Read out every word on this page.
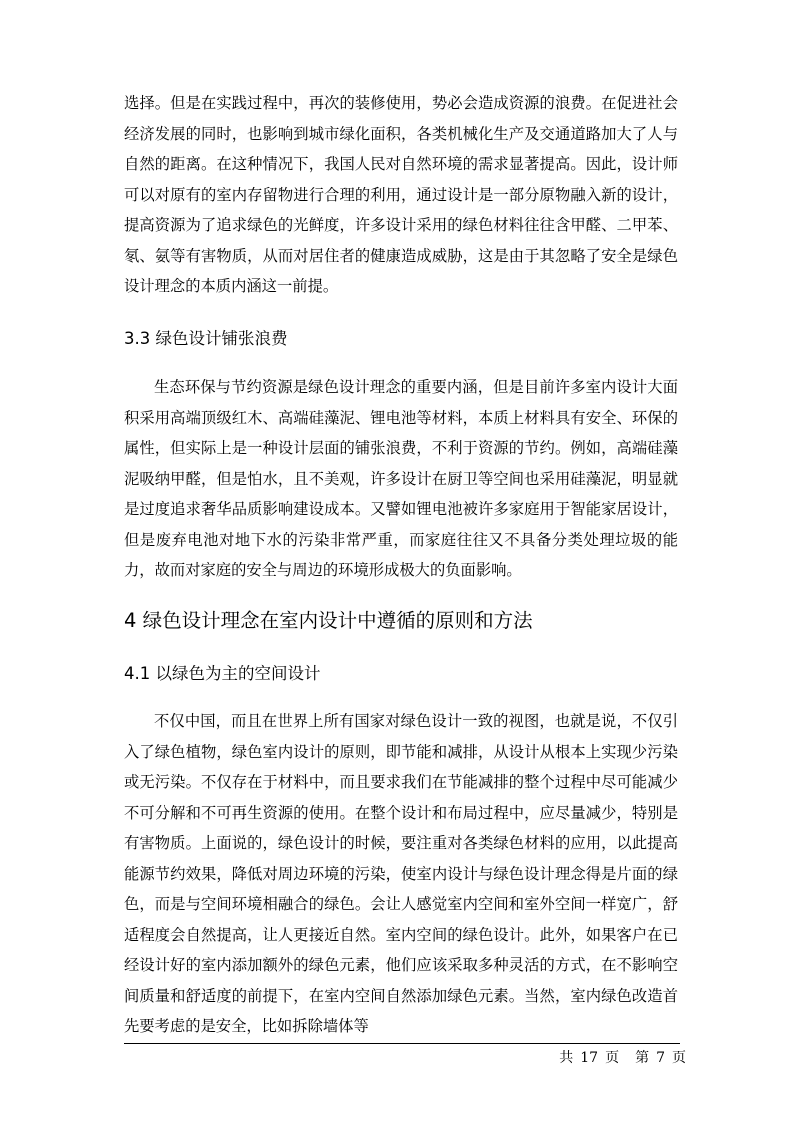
选择。但是在实践过程中，再次的装修使用，势必会造成资源的浪费。在促进社会经济发展的同时，也影响到城市绿化面积，各类机械化生产及交通道路加大了人与自然的距离。在这种情况下，我国人民对自然环境的需求显著提高。因此，设计师可以对原有的室内存留物进行合理的利用，通过设计是一部分原物融入新的设计，提高资源为了追求绿色的光鲜度，许多设计采用的绿色材料往往含甲醛、二甲苯、氡、氨等有害物质，从而对居住者的健康造成威胁，这是由于其忽略了安全是绿色设计理念的本质内涵这一前提。

3.3 绿色设计铺张浪费

生态环保与节约资源是绿色设计理念的重要内涵，但是目前许多室内设计大面积采用高端顶级红木、高端硅藻泥、锂电池等材料，本质上材料具有安全、环保的属性，但实际上是一种设计层面的铺张浪费，不利于资源的节约。例如，高端硅藻泥吸纳甲醛，但是怕水，且不美观，许多设计在厨卫等空间也采用硅藻泥，明显就是过度追求奢华品质影响建设成本。又譬如锂电池被许多家庭用于智能家居设计，但是废弃电池对地下水的污染非常严重，而家庭往往又不具备分类处理垃圾的能力，故而对家庭的安全与周边的环境形成极大的负面影响。

4 绿色设计理念在室内设计中遵循的原则和方法
4.1 以绿色为主的空间设计

不仅中国，而且在世界上所有国家对绿色设计一致的视图，也就是说，不仅引入了绿色植物，绿色室内设计的原则，即节能和减排，从设计从根本上实现少污染或无污染。不仅存在于材料中，而且要求我们在节能减排的整个过程中尽可能减少不可分解和不可再生资源的使用。在整个设计和布局过程中，应尽量减少，特别是有害物质。上面说的，绿色设计的时候，要注重对各类绿色材料的应用，以此提高能源节约效果，降低对周边环境的污染，使室内设计与绿色设计理念得是片面的绿色，而是与空间环境相融合的绿色。会让人感觉室内空间和室外空间一样宽广，舒适程度会自然提高，让人更接近自然。室内空间的绿色设计。此外，如果客户在已经设计好的室内添加额外的绿色元素，他们应该采取多种灵活的方式，在不影响空间质量和舒适度的前提下，在室内空间自然添加绿色元素。当然，室内绿色改造首先要考虑的是安全，比如拆除墙体等

共 17 页 第 7 页
